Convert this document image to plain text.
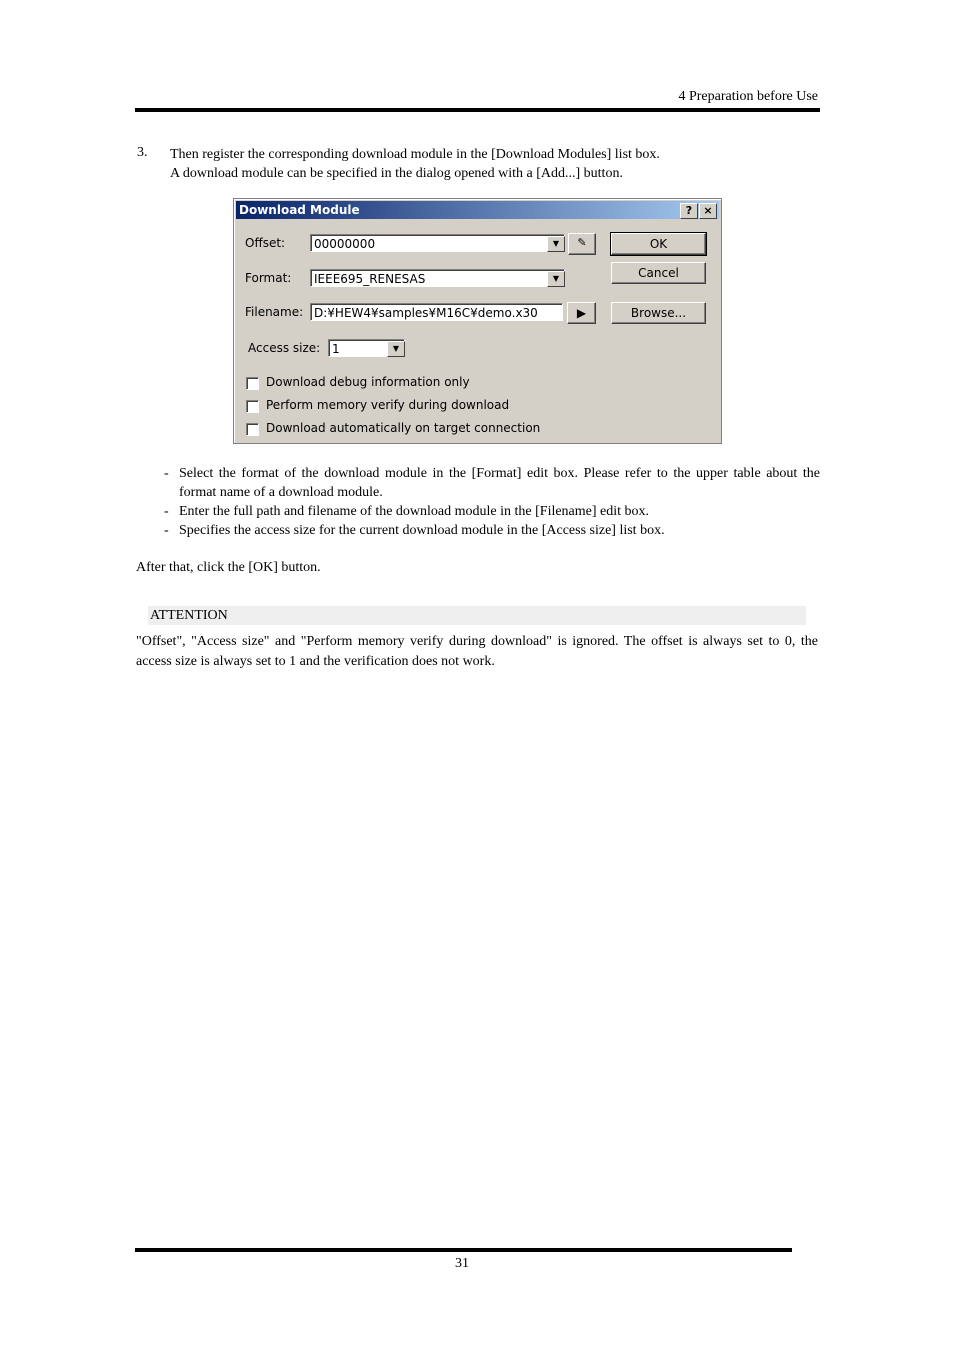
4 Preparation before Use
3. Then register the corresponding download module in the [Download Modules] list box.
A download module can be specified in the dialog opened with a [Add...] button.
Download Module	?	×
Offset:	00000000	▼	✎
Format:	IEEE695_RENESAS	▼
Filename: D:¥HEW4¥samples¥M16C¥demo.x30	▶
Access size: 1	▼
OK
Cancel
Browse...
Download debug information only
Perform memory verify during download
Download automatically on target connection
- Select the format of the download module in the [Format] edit box. Please refer to the upper table about the format name of a download module.
- Enter the full path and filename of the download module in the [Filename] edit box.
- Specifies the access size for the current download module in the [Access size] list box.
After that, click the [OK] button.
ATTENTION
"Offset", "Access size" and "Perform memory verify during download" is ignored. The offset is always set to 0, the access size is always set to 1 and the verification does not work.
31
